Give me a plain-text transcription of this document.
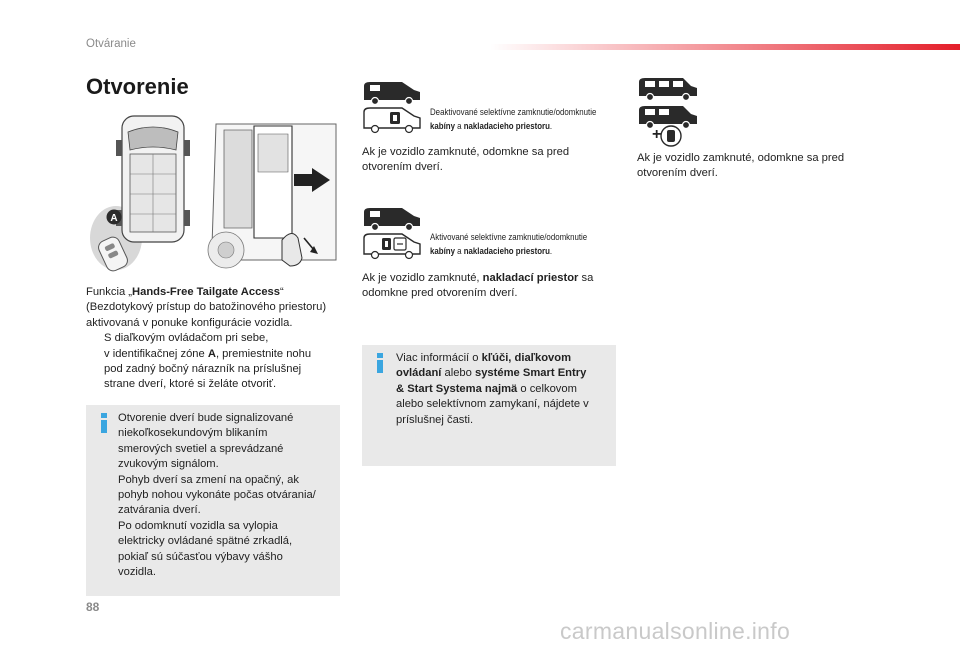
Otváranie
Otvorenie
A
Funkcia „Hands-Free Tailgate Access“
(Bezdotykový prístup do batožinového priestoru)
aktivovaná v ponuke konfigurácie vozidla.
S diaľkovým ovládačom pri sebe,
v identifikačnej zóne A, premiestnite nohu
pod zadný bočný nárazník na príslušnej
strane dverí, ktoré si želáte otvoriť.
Otvorenie dverí bude signalizované
niekoľkosekundovým blikaním
smerových svetiel a sprevádzané
zvukovým signálom.
Pohyb dverí sa zmení na opačný, ak
pohyb nohou vykonáte počas otvárania/
zatvárania dverí.
Po odomknutí vozidla sa vylopia
elektricky ovládané spätné zrkadlá,
pokiaľ sú súčasťou výbavy vášho
vozidla.
Deaktivované selektívne zamknutie/odomknutie
kabíny a nakladacieho priestoru.
Ak je vozidlo zamknuté, odomkne sa pred
otvorením dverí.
Aktivované selektívne zamknutie/odomknutie
kabíny a nakladacieho priestoru.
Ak je vozidlo zamknuté, nakladací priestor sa
odomkne pred otvorením dverí.
Viac informácií o kľúči, diaľkovom
ovládaní alebo systéme Smart Entry
& Start Systema najmä o celkovom
alebo selektívnom zamykaní, nájdete v
príslušnej časti.
+
Ak je vozidlo zamknuté, odomkne sa pred
otvorením dverí.
88
carmanualsonline.info
